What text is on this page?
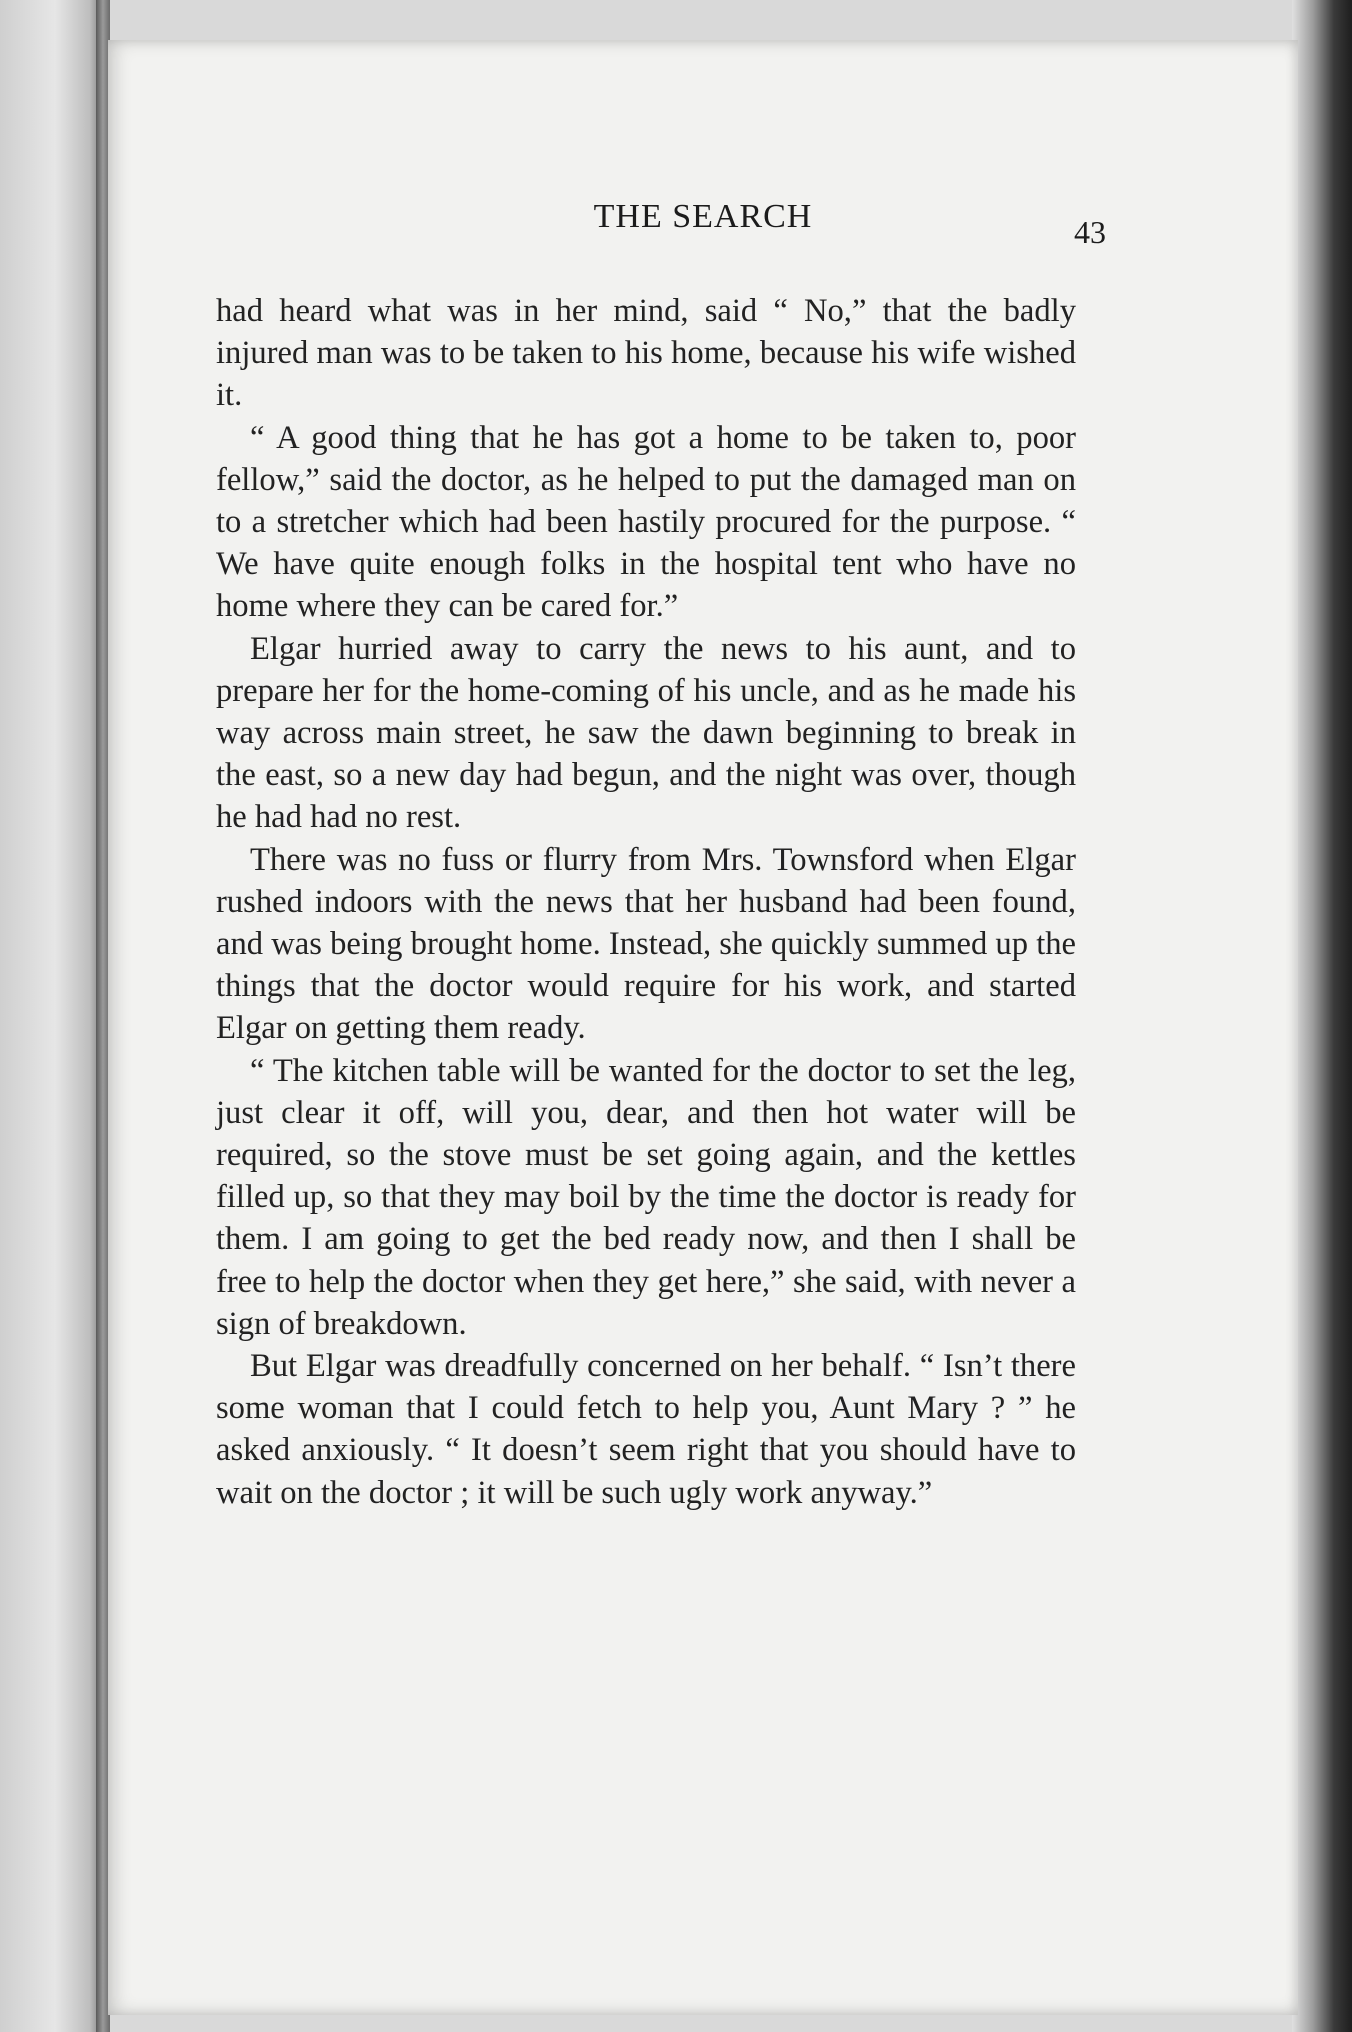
THE SEARCH	43

had heard what was in her mind, said “ No,” that the badly injured man was to be taken to his home, because his wife wished it.

“ A good thing that he has got a home to be taken to, poor fellow,” said the doctor, as he helped to put the damaged man on to a stretcher which had been hastily procured for the purpose. “ We have quite enough folks in the hospital tent who have no home where they can be cared for.”

Elgar hurried away to carry the news to his aunt, and to prepare her for the home-coming of his uncle, and as he made his way across main street, he saw the dawn beginning to break in the east, so a new day had begun, and the night was over, though he had had no rest.

There was no fuss or flurry from Mrs. Townsford when Elgar rushed indoors with the news that her husband had been found, and was being brought home. Instead, she quickly summed up the things that the doctor would require for his work, and started Elgar on getting them ready.

“ The kitchen table will be wanted for the doctor to set the leg, just clear it off, will you, dear, and then hot water will be required, so the stove must be set going again, and the kettles filled up, so that they may boil by the time the doctor is ready for them. I am going to get the bed ready now, and then I shall be free to help the doctor when they get here,” she said, with never a sign of breakdown.

But Elgar was dreadfully concerned on her behalf. “ Isn’t there some woman that I could fetch to help you, Aunt Mary ? ” he asked anxiously. “ It doesn’t seem right that you should have to wait on the doctor ; it will be such ugly work anyway.”
